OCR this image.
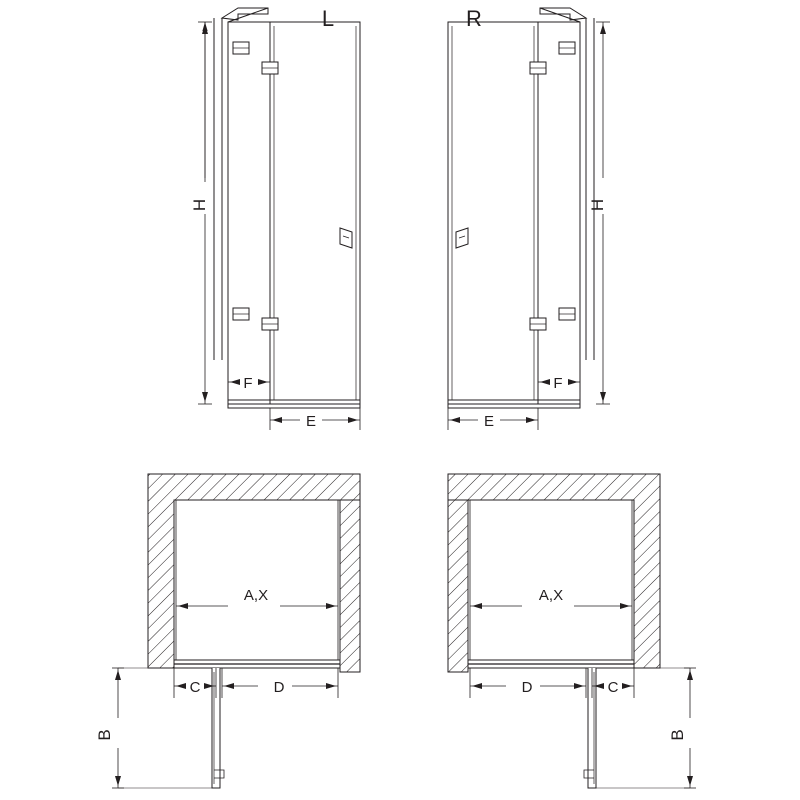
H
F
E
L
H
F
E
R
A,X
C	D
B
A,X
C
D
B
